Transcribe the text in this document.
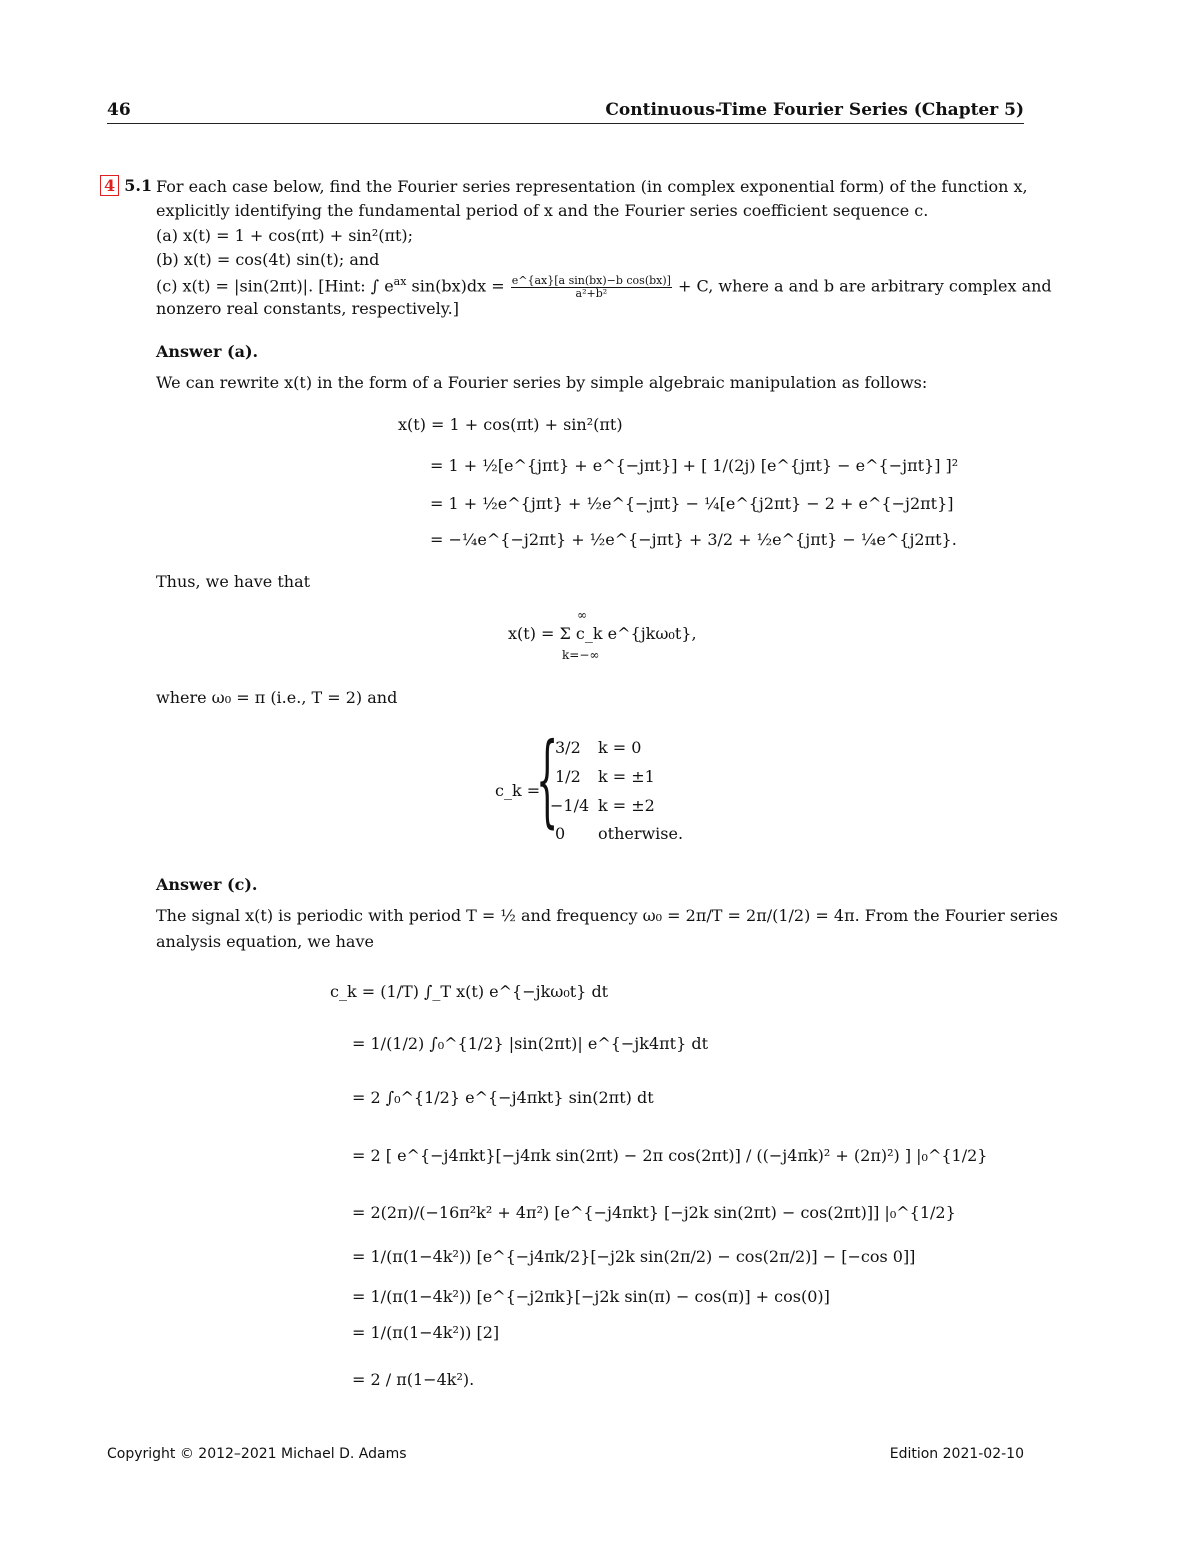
46	Continuous-Time Fourier Series (Chapter 5)
4 5.1 For each case below, find the Fourier series representation (in complex exponential form) of the function x,
explicitly identifying the fundamental period of x and the Fourier series coefficient sequence c.
(a) x(t) = 1 + cos(πt) + sin²(πt);
(b) x(t) = cos(4t) sin(t); and
(c) x(t) = |sin(2πt)|. [Hint: ∫ $e^{ax}$ $\sin(bx)dx = \frac{\text{e\textasciicircum{}\{ax\}[a sin(bx)−b cos(bx)]}}{\text{a²+b²}} + C$, where a and b are arbitrary complex and
nonzero real constants, respectively.]
Answer (a).
We can rewrite x(t) in the form of a Fourier series by simple algebraic manipulation as follows:
x(t) = 1 + cos(πt) + sin²(πt)
= 1 + ½[e^{jπt} + e^{−jπt}] + [ 1/(2j) [e^{jπt} − e^{−jπt}] ]²
= 1 + ½e^{jπt} + ½e^{−jπt} − ¼[e^{j2πt} − 2 + e^{−j2πt}]
= −¼e^{−j2πt} + ½e^{−jπt} + 3/2 + ½e^{jπt} − ¼e^{j2πt}.
Thus, we have that
∞
x(t) = Σ c_k e^{jkω₀t},
k=−∞
where ω₀ = π (i.e., T = 2) and
c_k =
{
3/2 k = 0
1/2 k = ±1
−1/4 k = ±2
0 otherwise.
Answer (c).
The signal x(t) is periodic with period T = ½ and frequency ω₀ = 2π/T = 2π/(1/2) = 4π. From the Fourier series
analysis equation, we have
c_k = (1/T) ∫_T x(t) e^{−jkω₀t} dt
= 1/(1/2) ∫₀^{1/2} |sin(2πt)| e^{−jk4πt} dt
= 2 ∫₀^{1/2} e^{−j4πkt} sin(2πt) dt
= 2 [ e^{−j4πkt}[−j4πk sin(2πt) − 2π cos(2πt)] / ((−j4πk)² + (2π)²) ] |₀^{1/2}
= 2(2π)/(−16π²k² + 4π²) [e^{−j4πkt} [−j2k sin(2πt) − cos(2πt)]] |₀^{1/2}
= 1/(π(1−4k²)) [e^{−j4πk/2}[−j2k sin(2π/2) − cos(2π/2)] − [−cos 0]]
= 1/(π(1−4k²)) [e^{−j2πk}[−j2k sin(π) − cos(π)] + cos(0)]
= 1/(π(1−4k²)) [2]
= 2 / π(1−4k²).
Copyright © 2012–2021 Michael D. Adams	Edition 2021-02-10
